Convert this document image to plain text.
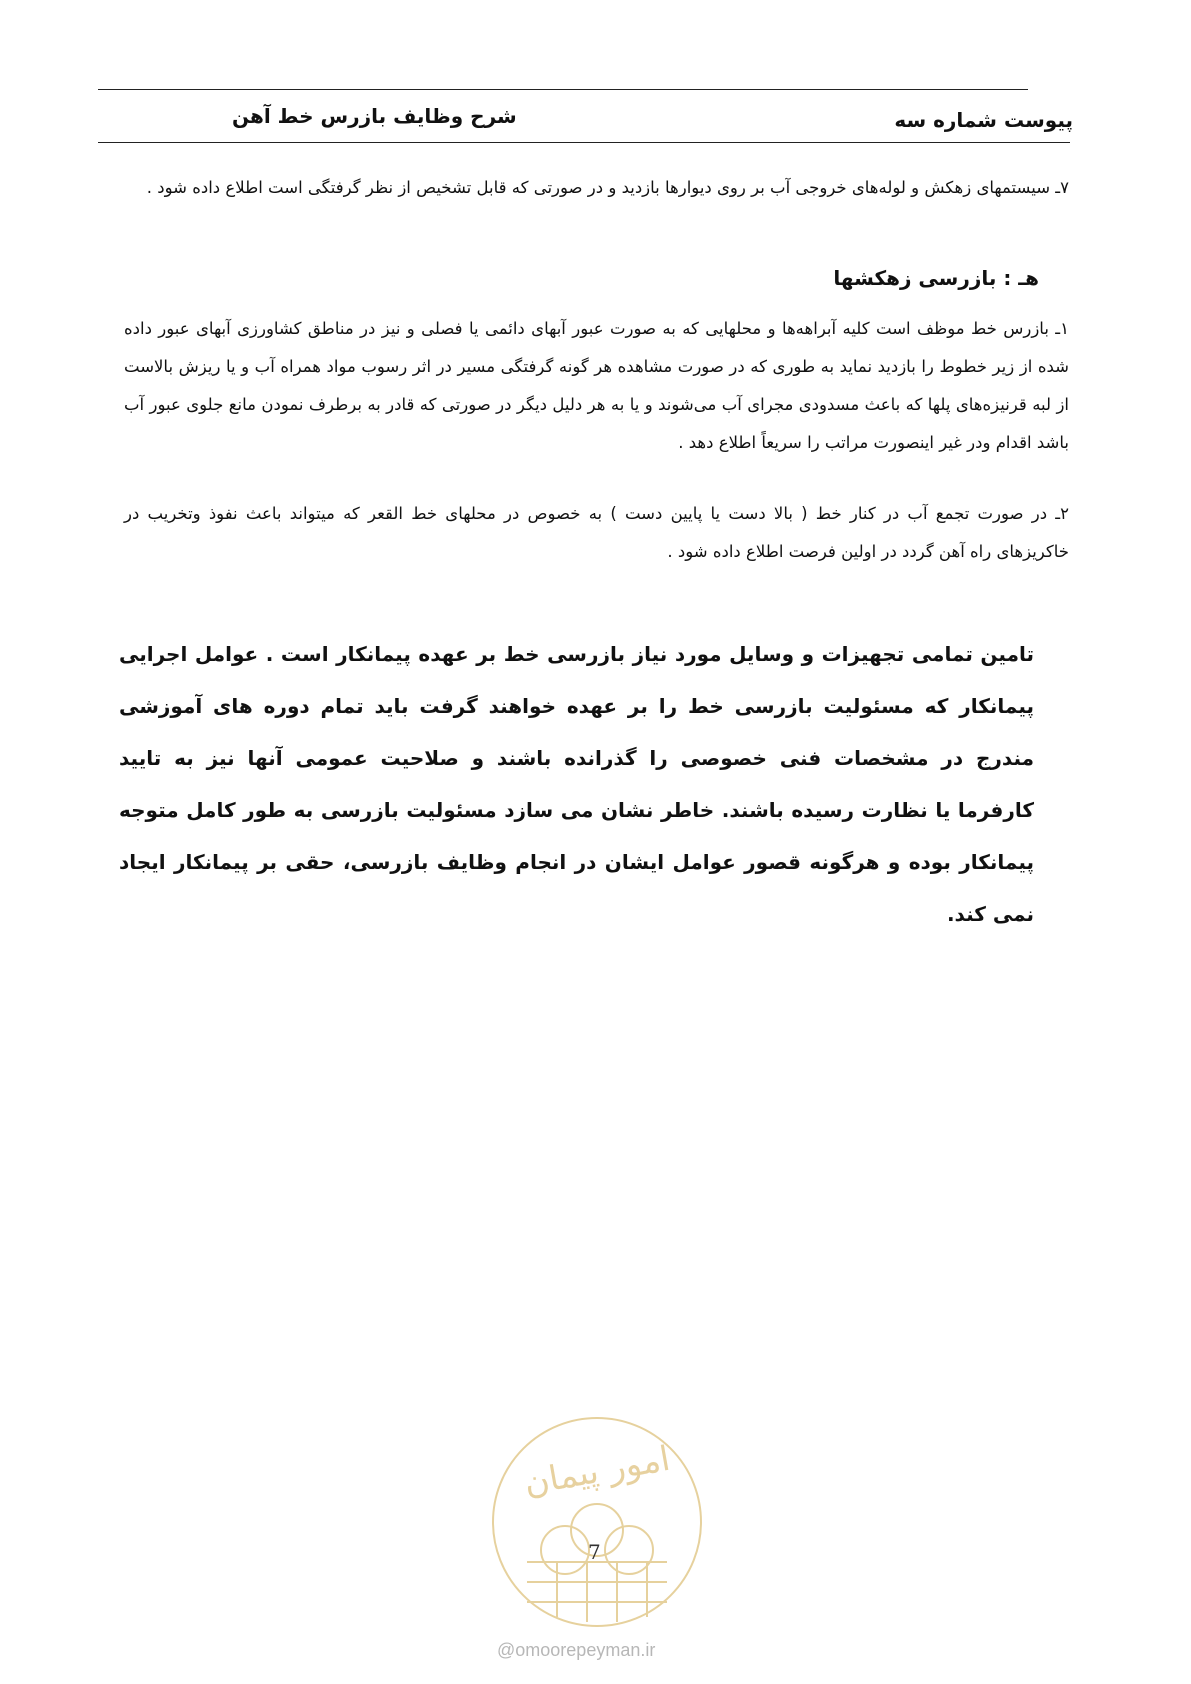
پیوست شماره سه
شرح وظایف بازرس خط آهن
۷ـ سیستمهای زهکش و لوله‌های خروجی آب بر روی دیوارها بازدید و در صورتی که قابل تشخیص از نظر گرفتگی است اطلاع داده شود .
هـ : بازرسی زهکشها
۱ـ بازرس خط موظف است کلیه آبراهه‌ها و محلهایی که به صورت عبور آبهای دائمی یا فصلی و نیز در مناطق کشاورزی آبهای عبور داده شده از زیر خطوط را بازدید نماید به طوری که در صورت مشاهده هر گونه گرفتگی مسیر در اثر رسوب مواد همراه آب و یا ریزش بالاست از لبه قرنیزه‌های پلها که باعث مسدودی مجرای آب می‌شوند و یا به هر دلیل دیگر در صورتی که قادر به برطرف نمودن مانع جلوی عبور آب باشد اقدام ودر غیر اینصورت مراتب را سریعاً اطلاع دهد .
۲ـ در صورت تجمع آب در کنار خط ( بالا دست یا پایین دست ) به خصوص در محلهای خط القعر که میتواند باعث نفوذ وتخریب در خاکریزهای راه آهن گردد در اولین فرصت اطلاع داده شود .
تامین تمامی تجهیزات و وسایل مورد نیاز بازرسی خط بر عهده پیمانکار است . عوامل اجرایی پیمانکار که مسئولیت بازرسی خط را بر عهده خواهند گرفت باید تمام دوره های آموزشی مندرج در مشخصات فنی خصوصی را گذرانده باشند و صلاحیت عمومی آنها نیز به تایید کارفرما یا نظارت رسیده باشند. خاطر نشان می سازد مسئولیت بازرسی به طور کامل متوجه پیمانکار بوده و هرگونه قصور عوامل ایشان در انجام وظایف بازرسی، حقی بر پیمانکار ایجاد نمی کند.
امور پیمان
7
@omoorepeyman.ir
